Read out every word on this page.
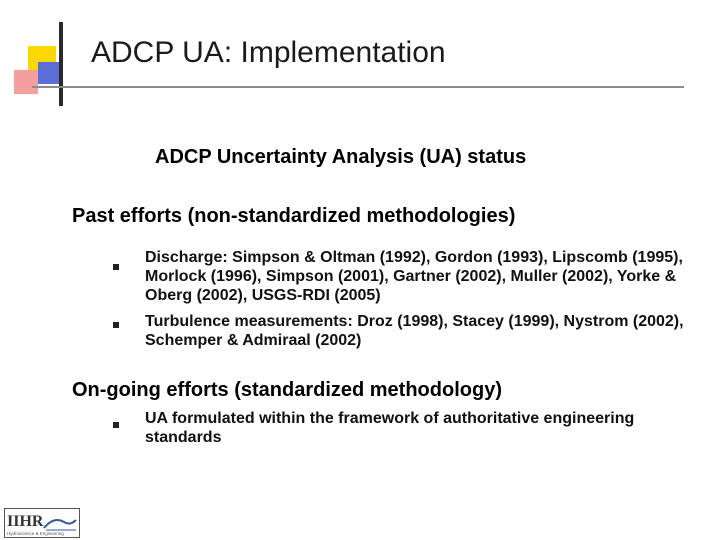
ADCP UA: Implementation
ADCP Uncertainty Analysis (UA) status
Past efforts (non-standardized methodologies)
Discharge: Simpson & Oltman (1992), Gordon (1993), Lipscomb (1995), Morlock (1996), Simpson (2001), Gartner (2002), Muller (2002), Yorke & Oberg (2002), USGS-RDI (2005)
Turbulence measurements: Droz (1998), Stacey (1999), Nystrom (2002), Schemper & Admiraal (2002)
On-going efforts (standardized methodology)
UA formulated within the framework of authoritative engineering standards
IIHR
Hydroscience & Engineering
